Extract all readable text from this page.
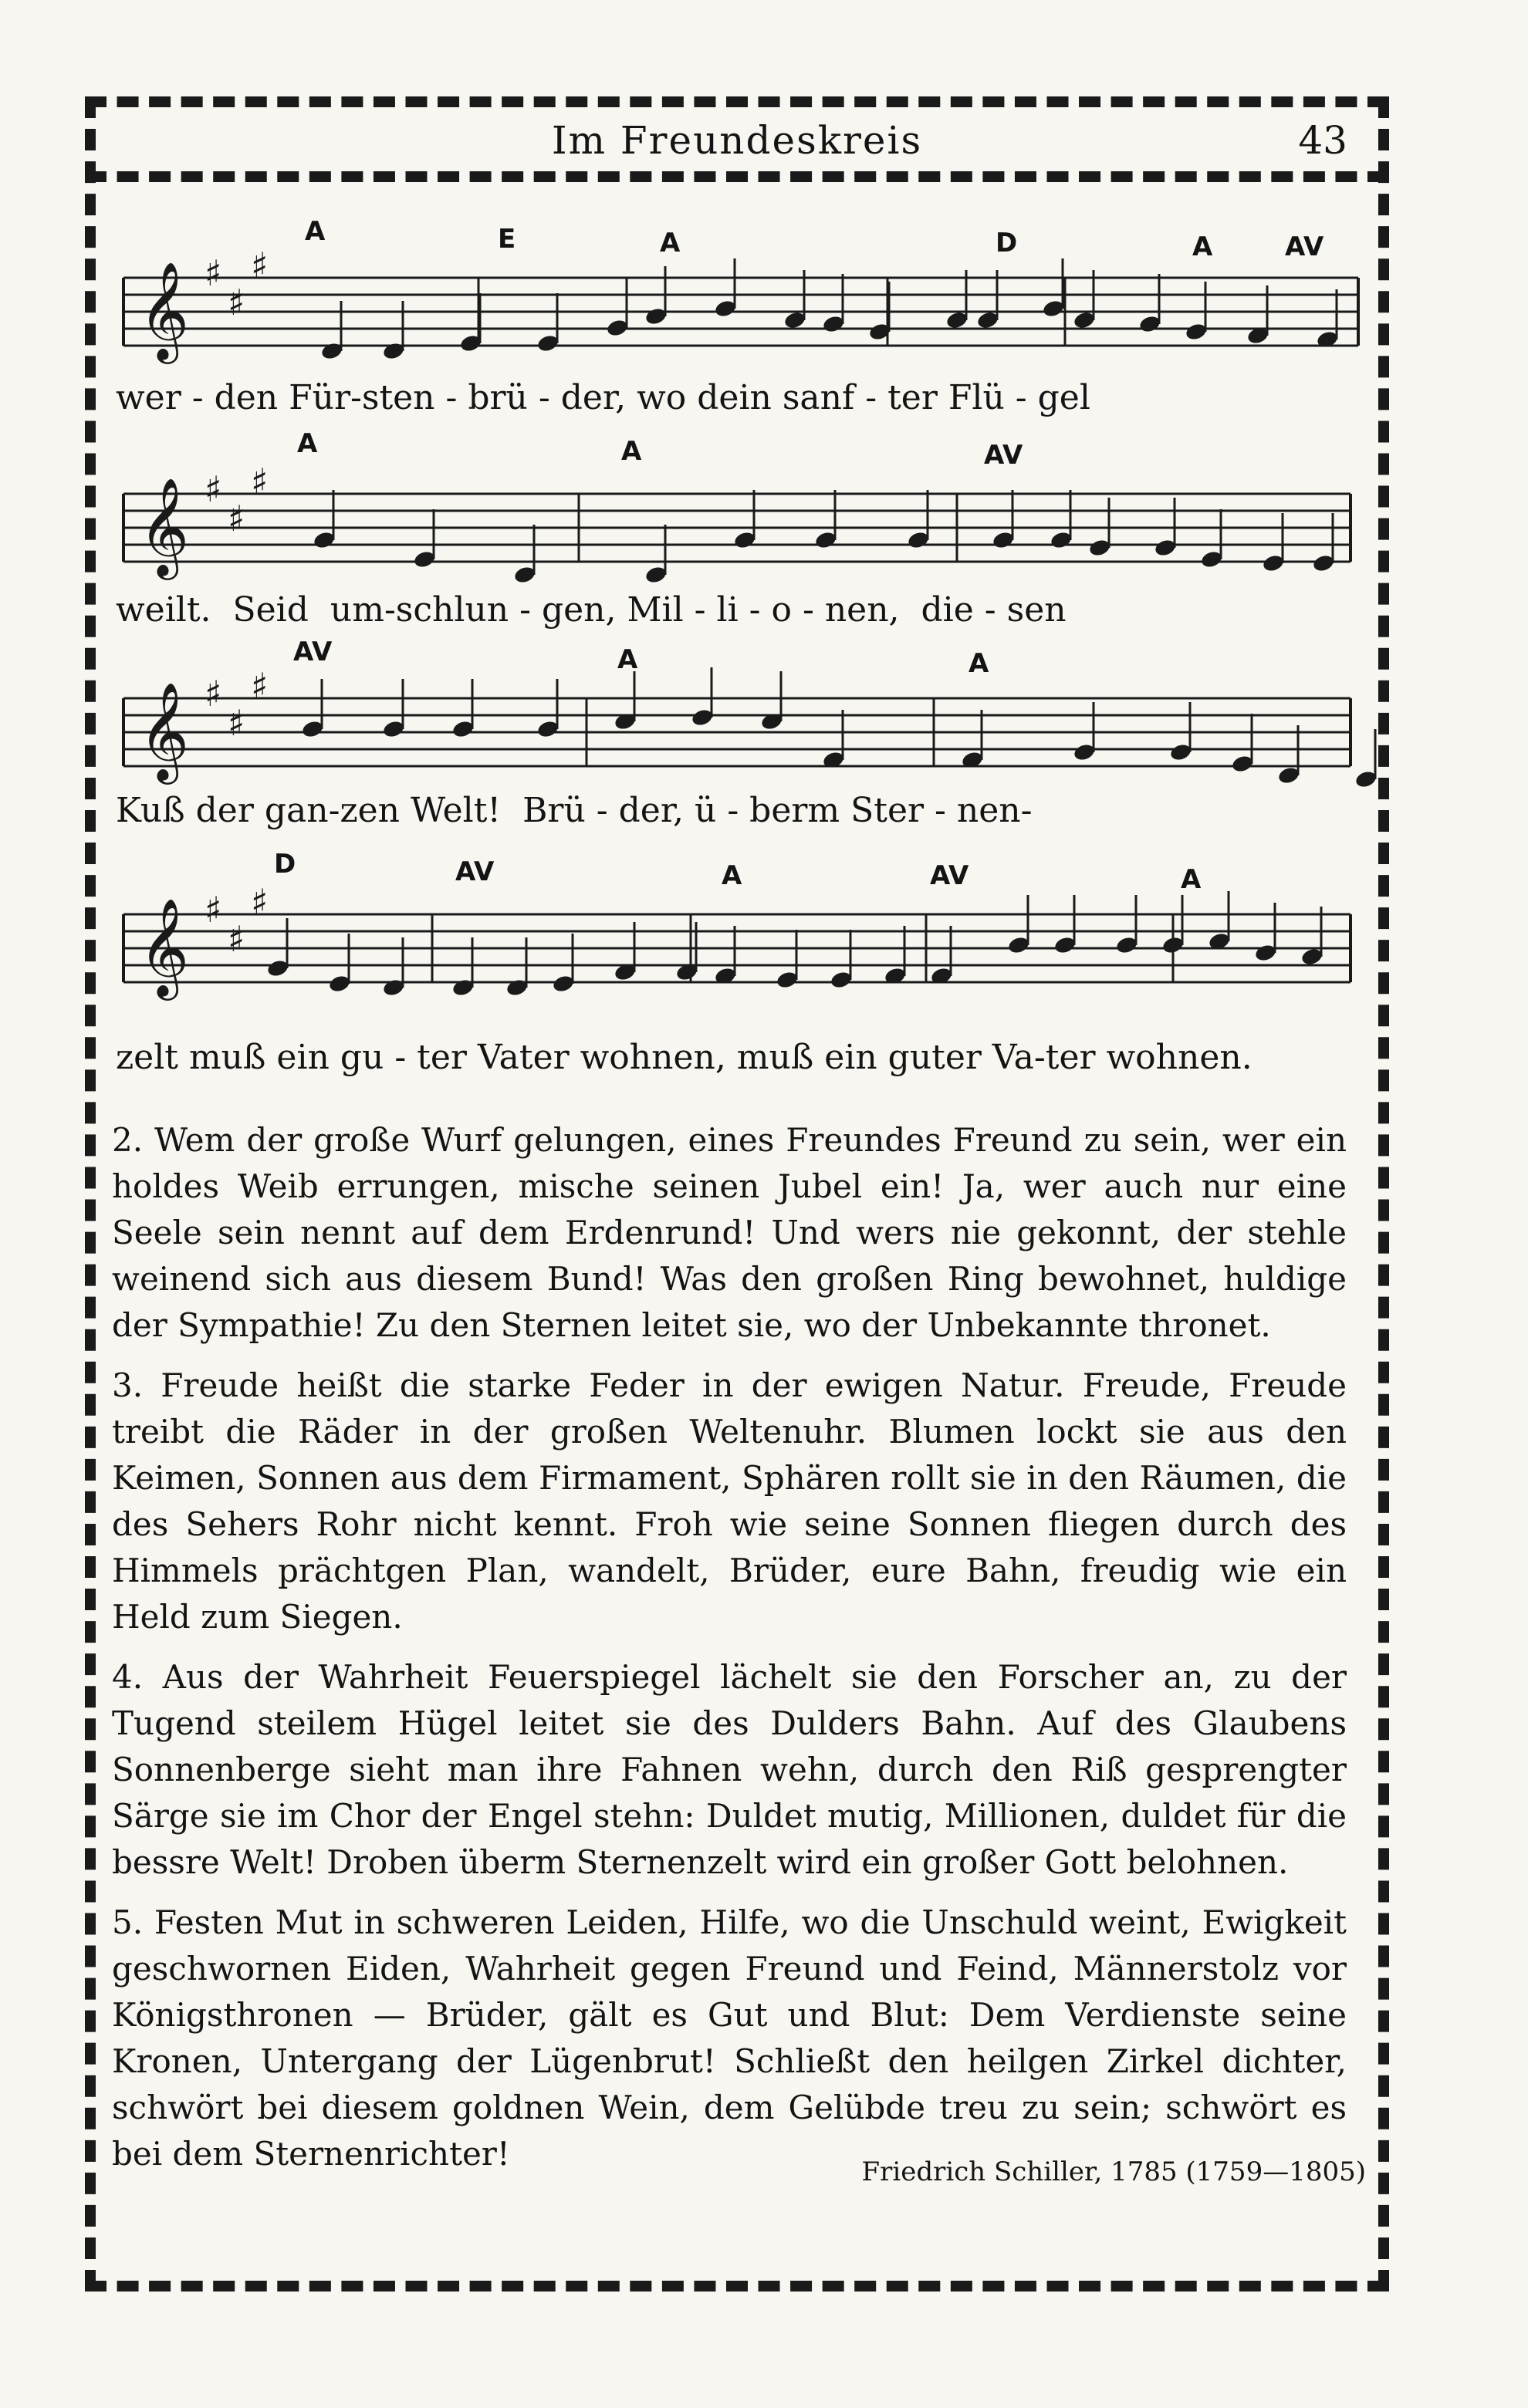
Im Freundeskreis	43
A	E	A	D	A	AV
𝄞 ♯
♯
♯
wer - den Für-sten - brü - der, wo dein sanf - ter Flü - gel
A	A	AV
𝄞 ♯
♯
♯
weilt.  Seid  um-schlun - gen, Mil - li - o - nen,  die - sen
AV	A	A
𝄞 ♯
♯
♯
Kuß der gan-zen Welt!  Brü - der, ü - berm Ster - nen-
D	AV	A	AV	A
𝄞 ♯
♯
♯
zelt muß ein gu - ter Vater wohnen, muß ein guter Va-ter wohnen.

2. Wem der große Wurf gelungen, eines Freundes Freund zu sein, wer ein holdes Weib errungen, mische seinen Jubel ein! Ja, wer auch nur eine Seele sein nennt auf dem Erdenrund! Und wers nie gekonnt, der stehle weinend sich aus diesem Bund! Was den großen Ring bewohnet, huldige der Sympathie! Zu den Sternen leitet sie, wo der Unbekannte thronet.

3. Freude heißt die starke Feder in der ewigen Natur. Freude, Freude treibt die Räder in der großen Weltenuhr. Blumen lockt sie aus den Keimen, Sonnen aus dem Firmament, Sphären rollt sie in den Räumen, die des Sehers Rohr nicht kennt. Froh wie seine Sonnen fliegen durch des Himmels prächtgen Plan, wandelt, Brüder, eure Bahn, freudig wie ein Held zum Siegen.

4. Aus der Wahrheit Feuerspiegel lächelt sie den Forscher an, zu der Tugend steilem Hügel leitet sie des Dulders Bahn. Auf des Glaubens Sonnenberge sieht man ihre Fahnen wehn, durch den Riß gesprengter Särge sie im Chor der Engel stehn: Duldet mutig, Millionen, duldet für die bessre Welt! Droben überm Sternenzelt wird ein großer Gott belohnen.

5. Festen Mut in schweren Leiden, Hilfe, wo die Unschuld weint, Ewigkeit geschwornen Eiden, Wahrheit gegen Freund und Feind, Männerstolz vor Königsthronen — Brüder, gält es Gut und Blut: Dem Verdienste seine Kronen, Untergang der Lügenbrut! Schließt den heilgen Zirkel dichter, schwört bei diesem goldnen Wein, dem Gelübde treu zu sein; schwört es bei dem Sternenrichter!	Friedrich Schiller, 1785 (1759—1805)
